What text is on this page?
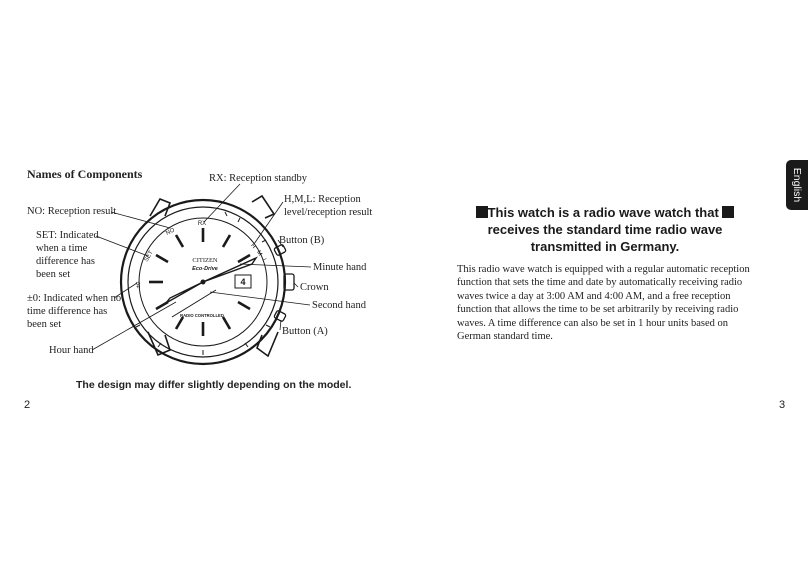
Names of Components	RX: Reception standby
H,M,L: Reception
level/reception result
NO: Reception result
SET: Indicated
when a time
difference has
been set
Button (B)
Minute hand
Crown
±0: Indicated when no
time difference has
been set
Second hand
Button (A)
Hour hand
4
CITIZEN
Eco-Drive
RADIO CONTROLLED
RX
NO
SET
±0
H
M
L
The design may differ slightly depending on the model.
2
English
This watch is a radio wave watch that
receives the standard time radio wave
transmitted in Germany.
This radio wave watch is equipped with a regular automatic reception
function that sets the time and date by automatically receiving radio
waves twice a day at 3:00 AM and 4:00 AM, and a free reception
function that allows the time to be set arbitrarily by receiving radio
waves. A time difference can also be set in 1 hour units based on
German standard time.
3
